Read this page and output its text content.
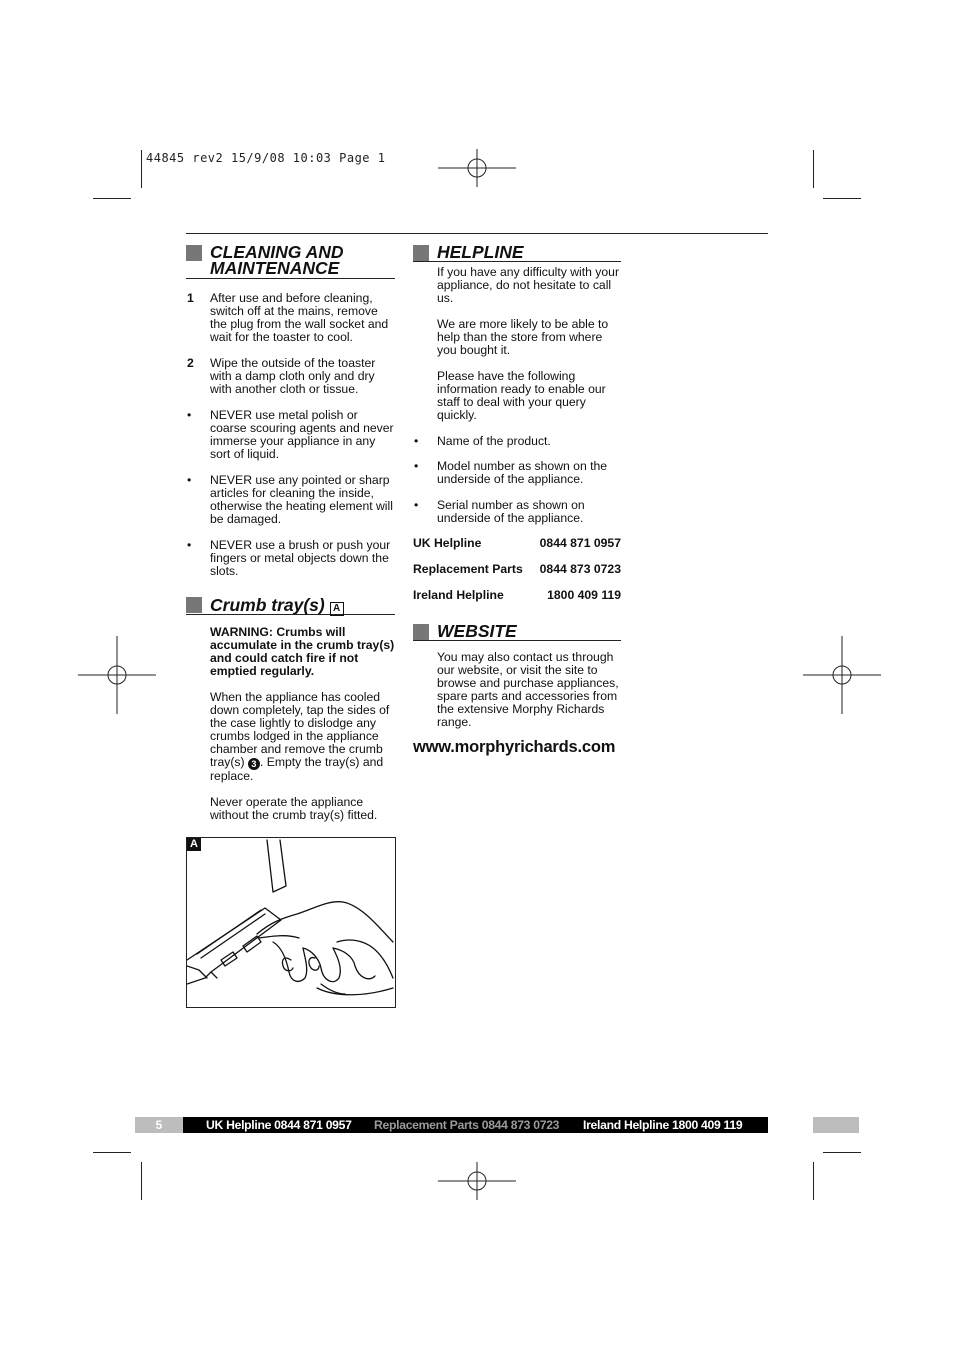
44845 rev2 15/9/08 10:03 Page 1
CLEANING AND
MAINTENANCE
1 After use and before cleaning, switch off at the mains, remove the plug from the wall socket and wait for the toaster to cool.
2 Wipe the outside of the toaster with a damp cloth only and dry with another cloth or tissue.
• NEVER use metal polish or coarse scouring agents and never immerse your appliance in any sort of liquid.
• NEVER use any pointed or sharp articles for cleaning the inside, otherwise the heating element will be damaged.
• NEVER use a brush or push your fingers or metal objects down the slots.
Crumb tray(s) A
WARNING: Crumbs will accumulate in the crumb tray(s) and could catch fire if not emptied regularly.
When the appliance has cooled down completely, tap the sides of the case lightly to dislodge any crumbs lodged in the appliance chamber and remove the crumb tray(s) 3 . Empty the tray(s) and replace.
Never operate the appliance without the crumb tray(s) fitted.
A
HELPLINE
If you have any difficulty with your appliance, do not hesitate to call us.
We are more likely to be able to help than the store from where you bought it.
Please have the following information ready to enable our staff to deal with your query quickly.
• Name of the product.
• Model number as shown on the underside of the appliance.
• Serial number as shown on underside of the appliance.
UK Helpline	0844 871 0957
Replacement Parts 0844 873 0723
Ireland Helpline	1800 409 119
WEBSITE
You may also contact us through our website, or visit the site to browse and purchase appliances, spare parts and accessories from the extensive Morphy Richards range.
www.morphyrichards.com
5	UK Helpline 0844 871 0957 Replacement Parts 0844 873 0723 Ireland Helpline 1800 409 119
